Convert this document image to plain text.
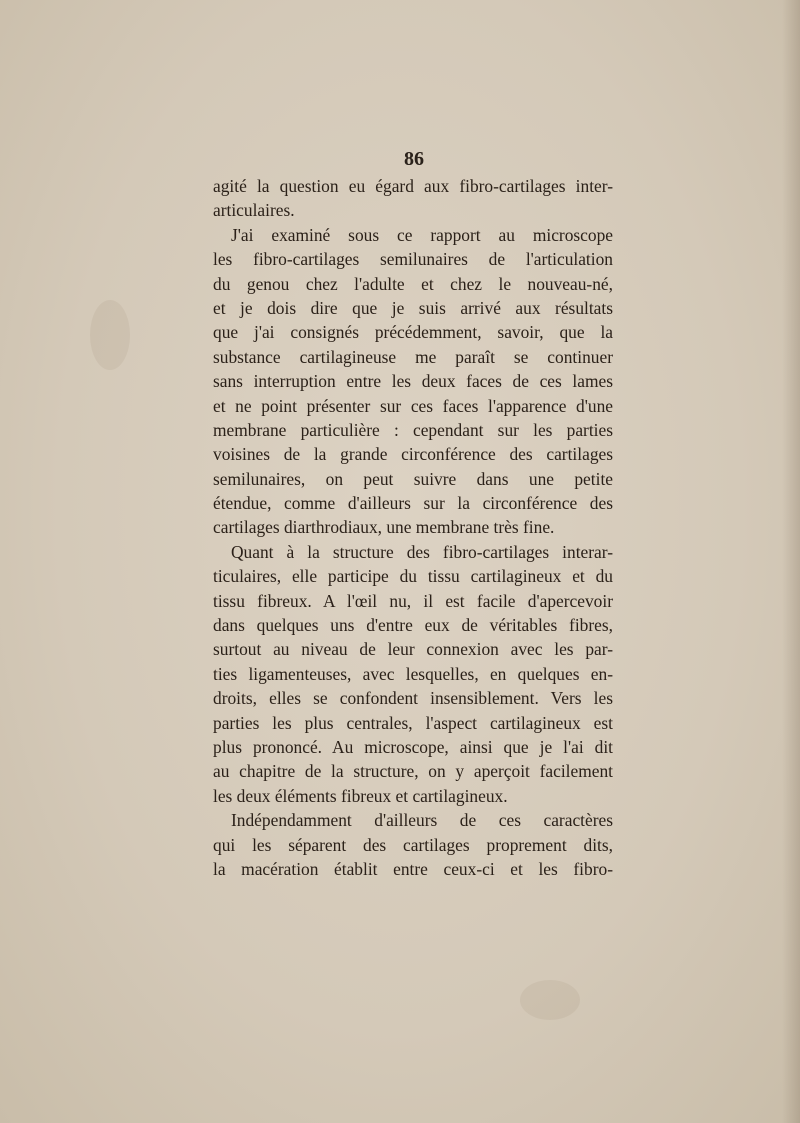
86
agité la question eu égard aux fibro-cartilages inter-
articulaires.
J'ai examiné sous ce rapport au microscope
les fibro-cartilages semilunaires de l'articulation
du genou chez l'adulte et chez le nouveau-né,
et je dois dire que je suis arrivé aux résultats
que j'ai consignés précédemment, savoir, que la
substance cartilagineuse me paraît se continuer
sans interruption entre les deux faces de ces lames
et ne point présenter sur ces faces l'apparence d'une
membrane particulière : cependant sur les parties
voisines de la grande circonférence des cartilages
semilunaires, on peut suivre dans une petite
étendue, comme d'ailleurs sur la circonférence des
cartilages diarthrodiaux, une membrane très fine.
Quant à la structure des fibro-cartilages interar-
ticulaires, elle participe du tissu cartilagineux et du
tissu fibreux. A l'œil nu, il est facile d'apercevoir
dans quelques uns d'entre eux de véritables fibres,
surtout au niveau de leur connexion avec les par-
ties ligamenteuses, avec lesquelles, en quelques en-
droits, elles se confondent insensiblement. Vers les
parties les plus centrales, l'aspect cartilagineux est
plus prononcé. Au microscope, ainsi que je l'ai dit
au chapitre de la structure, on y aperçoit facilement
les deux éléments fibreux et cartilagineux.
Indépendamment d'ailleurs de ces caractères
qui les séparent des cartilages proprement dits,
la macération établit entre ceux-ci et les fibro-
